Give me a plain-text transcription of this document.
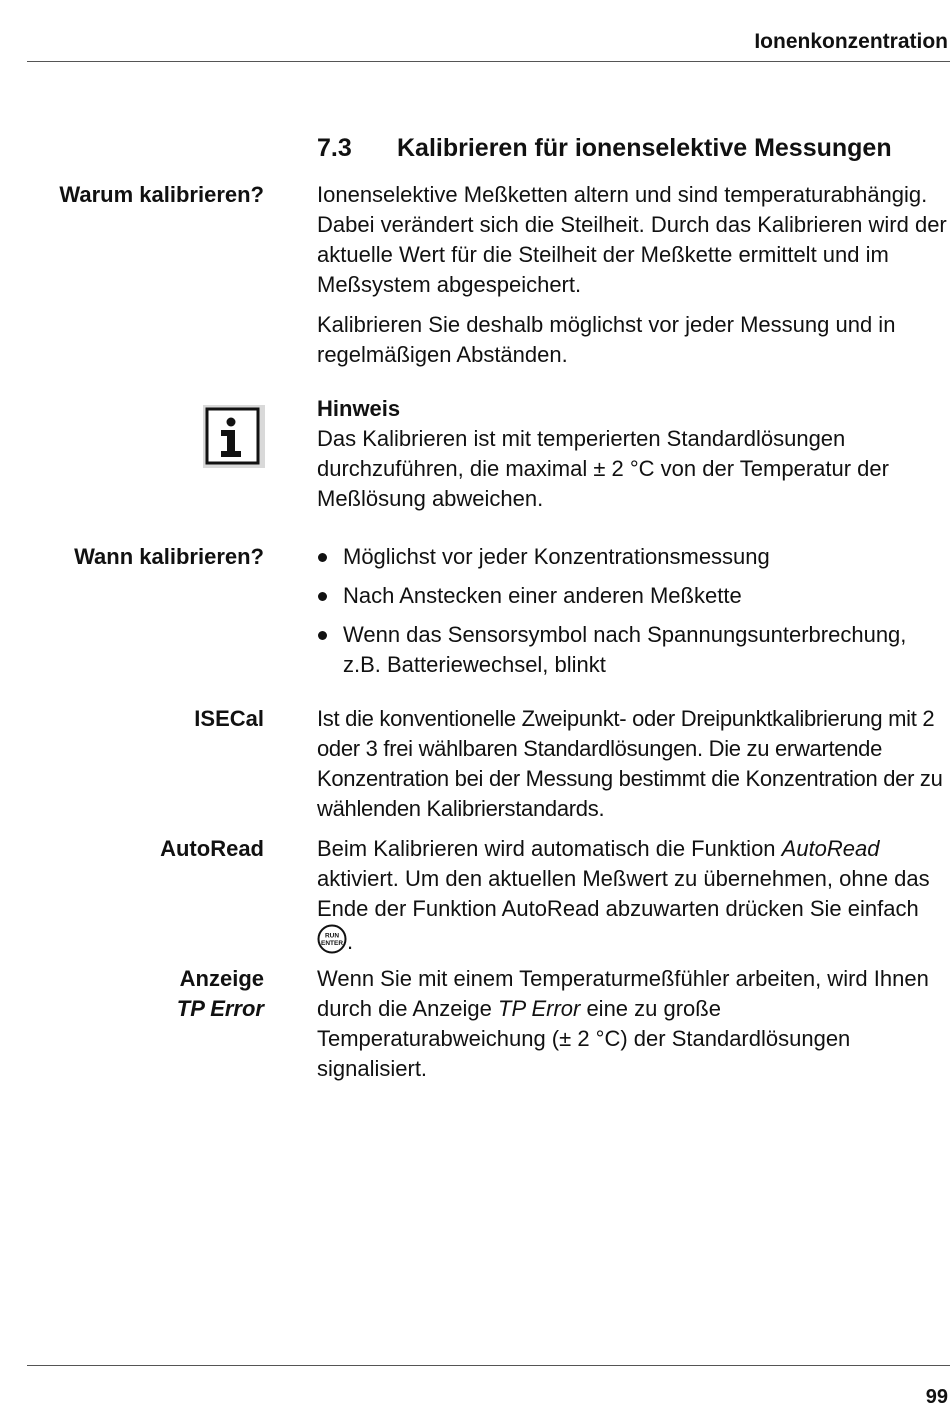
Ionenkonzentration
7.3 Kalibrieren für ionenselektive Messungen
Warum kalibrieren? Ionenselektive Meßketten altern und sind temperaturabhängig. Dabei verändert sich die Steilheit. Durch das Kalibrieren wird der aktuelle Wert für die Steilheit der Meßkette ermittelt und im Meßsystem abgespeichert.
Kalibrieren Sie deshalb möglichst vor jeder Messung und in regelmäßigen Abständen.
Hinweis
Das Kalibrieren ist mit temperierten Standardlösungen durchzuführen, die maximal ± 2 °C von der Temperatur der Meßlösung abweichen.
Wann kalibrieren?	Möglichst vor jeder Konzentrationsmessung
Nach Anstecken einer anderen Meßkette
Wenn das Sensorsymbol nach Spannungsunterbrechung, z.B. Batteriewechsel, blinkt
ISECal Ist die konventionelle Zweipunkt- oder Dreipunktkalibrierung mit 2 oder 3 frei wählbaren Standardlösungen. Die zu erwartende Konzentration bei der Messung bestimmt die Konzentration der zu wählenden Kalibrierstandards.
AutoRead Beim Kalibrieren wird automatisch die Funktion AutoRead aktiviert. Um den aktuellen Meßwert zu übernehmen, ohne das Ende der Funktion AutoRead abzuwarten drücken Sie einfach
RUN
ENTER .
Anzeige
TP Error
Wenn Sie mit einem Temperaturmeßfühler arbeiten, wird Ihnen durch die Anzeige TP Error eine zu große Temperaturabweichung (± 2 °C) der Standardlösungen signalisiert.
99
